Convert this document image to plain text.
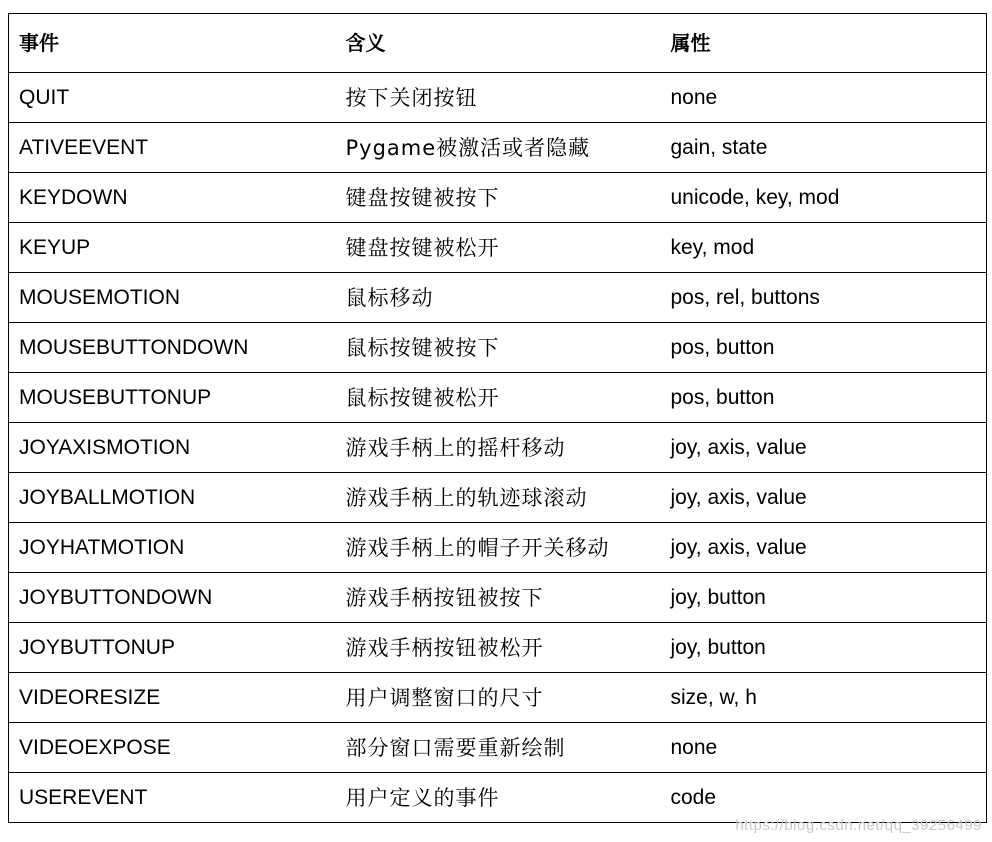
事件	含义	属性
QUIT	按下关闭按钮	none
ATIVEEVENT	Pygame被激活或者隐藏	gain, state
KEYDOWN	键盘按键被按下	unicode, key, mod
KEYUP	键盘按键被松开	key, mod
MOUSEMOTION	鼠标移动	pos, rel, buttons
MOUSEBUTTONDOWN	鼠标按键被按下	pos, button
MOUSEBUTTONUP	鼠标按键被松开	pos, button
JOYAXISMOTION	游戏手柄上的摇杆移动	joy, axis, value
JOYBALLMOTION	游戏手柄上的轨迹球滚动	joy, axis, value
JOYHATMOTION	游戏手柄上的帽子开关移动	joy, axis, value
JOYBUTTONDOWN	游戏手柄按钮被按下	joy, button
JOYBUTTONUP	游戏手柄按钮被松开	joy, button
VIDEORESIZE	用户调整窗口的尺寸	size, w, h
VIDEOEXPOSE	部分窗口需要重新绘制	none
USEREVENT	用户定义的事件	code
https://blog.csdn.net/qq_39256499
